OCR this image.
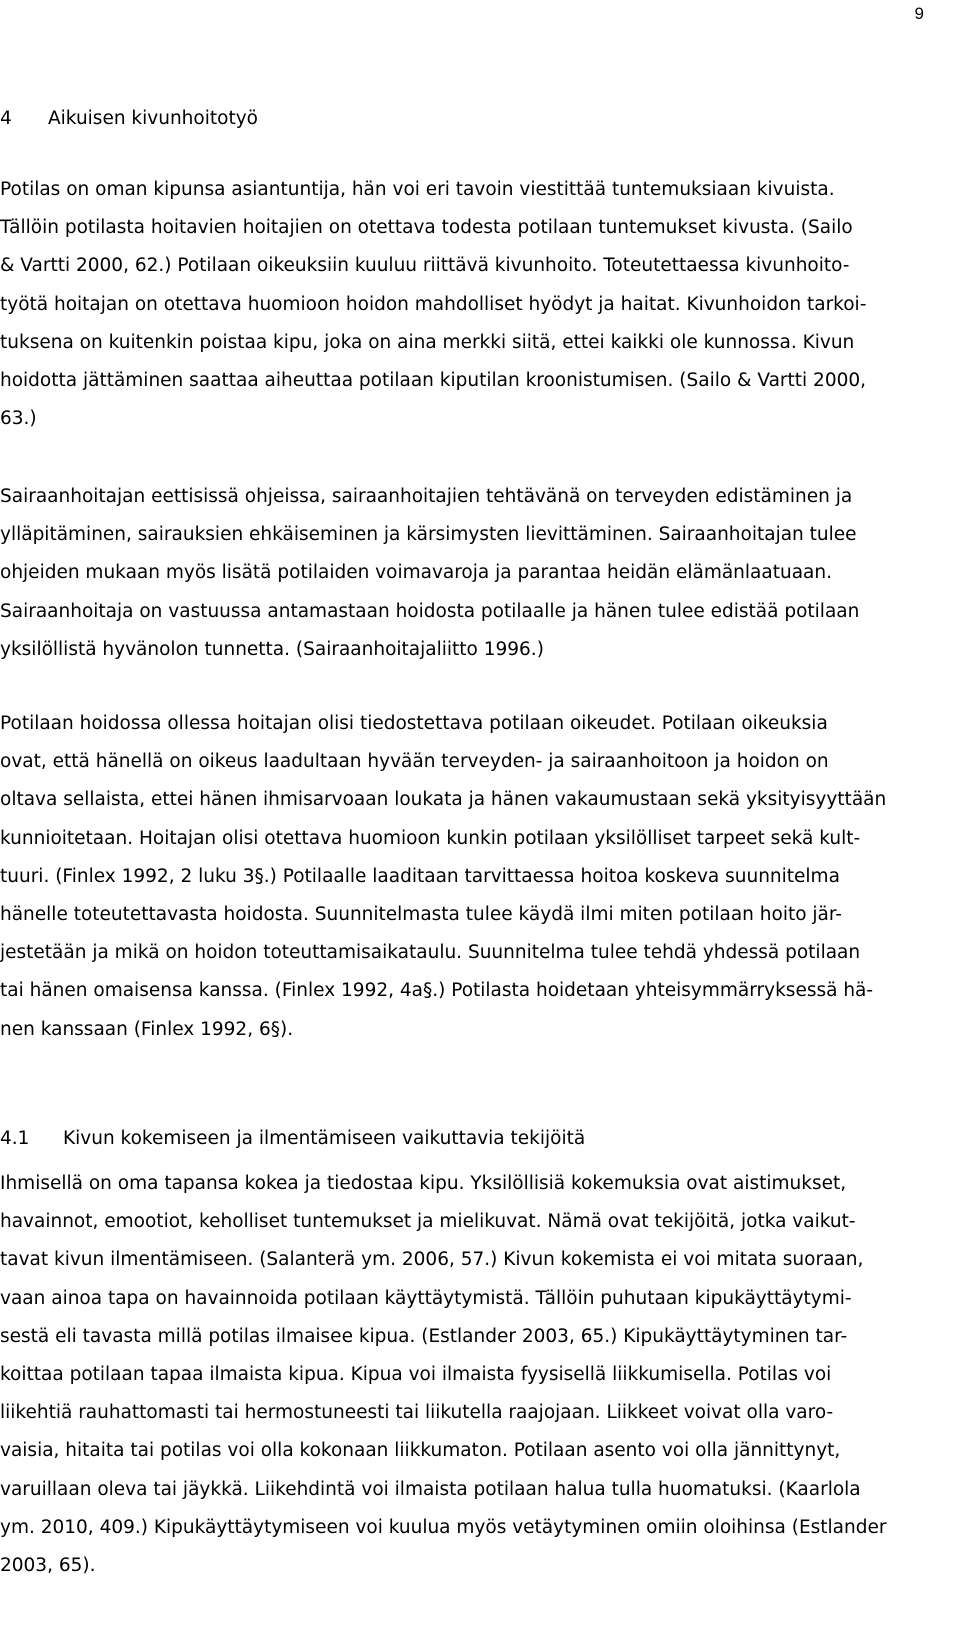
9
4 Aikuisen kivunhoitotyö
Potilas on oman kipunsa asiantuntija, hän voi eri tavoin viestittää tuntemuksiaan kivuista.
Tällöin potilasta hoitavien hoitajien on otettava todesta potilaan tuntemukset kivusta. (Sailo
& Vartti 2000, 62.) Potilaan oikeuksiin kuuluu riittävä kivunhoito. Toteutettaessa kivunhoito-
työtä hoitajan on otettava huomioon hoidon mahdolliset hyödyt ja haitat. Kivunhoidon tarkoi-
tuksena on kuitenkin poistaa kipu, joka on aina merkki siitä, ettei kaikki ole kunnossa. Kivun
hoidotta jättäminen saattaa aiheuttaa potilaan kiputilan kroonistumisen. (Sailo & Vartti 2000,
63.)
Sairaanhoitajan eettisissä ohjeissa, sairaanhoitajien tehtävänä on terveyden edistäminen ja
ylläpitäminen, sairauksien ehkäiseminen ja kärsimysten lievittäminen. Sairaanhoitajan tulee
ohjeiden mukaan myös lisätä potilaiden voimavaroja ja parantaa heidän elämänlaatuaan.
Sairaanhoitaja on vastuussa antamastaan hoidosta potilaalle ja hänen tulee edistää potilaan
yksilöllistä hyvänolon tunnetta. (Sairaanhoitajaliitto 1996.)
Potilaan hoidossa ollessa hoitajan olisi tiedostettava potilaan oikeudet. Potilaan oikeuksia
ovat, että hänellä on oikeus laadultaan hyvään terveyden- ja sairaanhoitoon ja hoidon on
oltava sellaista, ettei hänen ihmisarvoaan loukata ja hänen vakaumustaan sekä yksityisyyttään
kunnioitetaan. Hoitajan olisi otettava huomioon kunkin potilaan yksilölliset tarpeet sekä kult-
tuuri. (Finlex 1992, 2 luku 3§.) Potilaalle laaditaan tarvittaessa hoitoa koskeva suunnitelma
hänelle toteutettavasta hoidosta. Suunnitelmasta tulee käydä ilmi miten potilaan hoito jär-
jestetään ja mikä on hoidon toteuttamisaikataulu. Suunnitelma tulee tehdä yhdessä potilaan
tai hänen omaisensa kanssa. (Finlex 1992, 4a§.) Potilasta hoidetaan yhteisymmärryksessä hä-
nen kanssaan (Finlex 1992, 6§).
4.1 Kivun kokemiseen ja ilmentämiseen vaikuttavia tekijöitä
Ihmisellä on oma tapansa kokea ja tiedostaa kipu. Yksilöllisiä kokemuksia ovat aistimukset,
havainnot, emootiot, keholliset tuntemukset ja mielikuvat. Nämä ovat tekijöitä, jotka vaikut-
tavat kivun ilmentämiseen. (Salanterä ym. 2006, 57.) Kivun kokemista ei voi mitata suoraan,
vaan ainoa tapa on havainnoida potilaan käyttäytymistä. Tällöin puhutaan kipukäyttäytymi-
sestä eli tavasta millä potilas ilmaisee kipua. (Estlander 2003, 65.) Kipukäyttäytyminen tar-
koittaa potilaan tapaa ilmaista kipua. Kipua voi ilmaista fyysisellä liikkumisella. Potilas voi
liikehtiä rauhattomasti tai hermostuneesti tai liikutella raajojaan. Liikkeet voivat olla varo-
vaisia, hitaita tai potilas voi olla kokonaan liikkumaton. Potilaan asento voi olla jännittynyt,
varuillaan oleva tai jäykkä. Liikehdintä voi ilmaista potilaan halua tulla huomatuksi. (Kaarlola
ym. 2010, 409.) Kipukäyttäytymiseen voi kuulua myös vetäytyminen omiin oloihinsa (Estlander
2003, 65).
